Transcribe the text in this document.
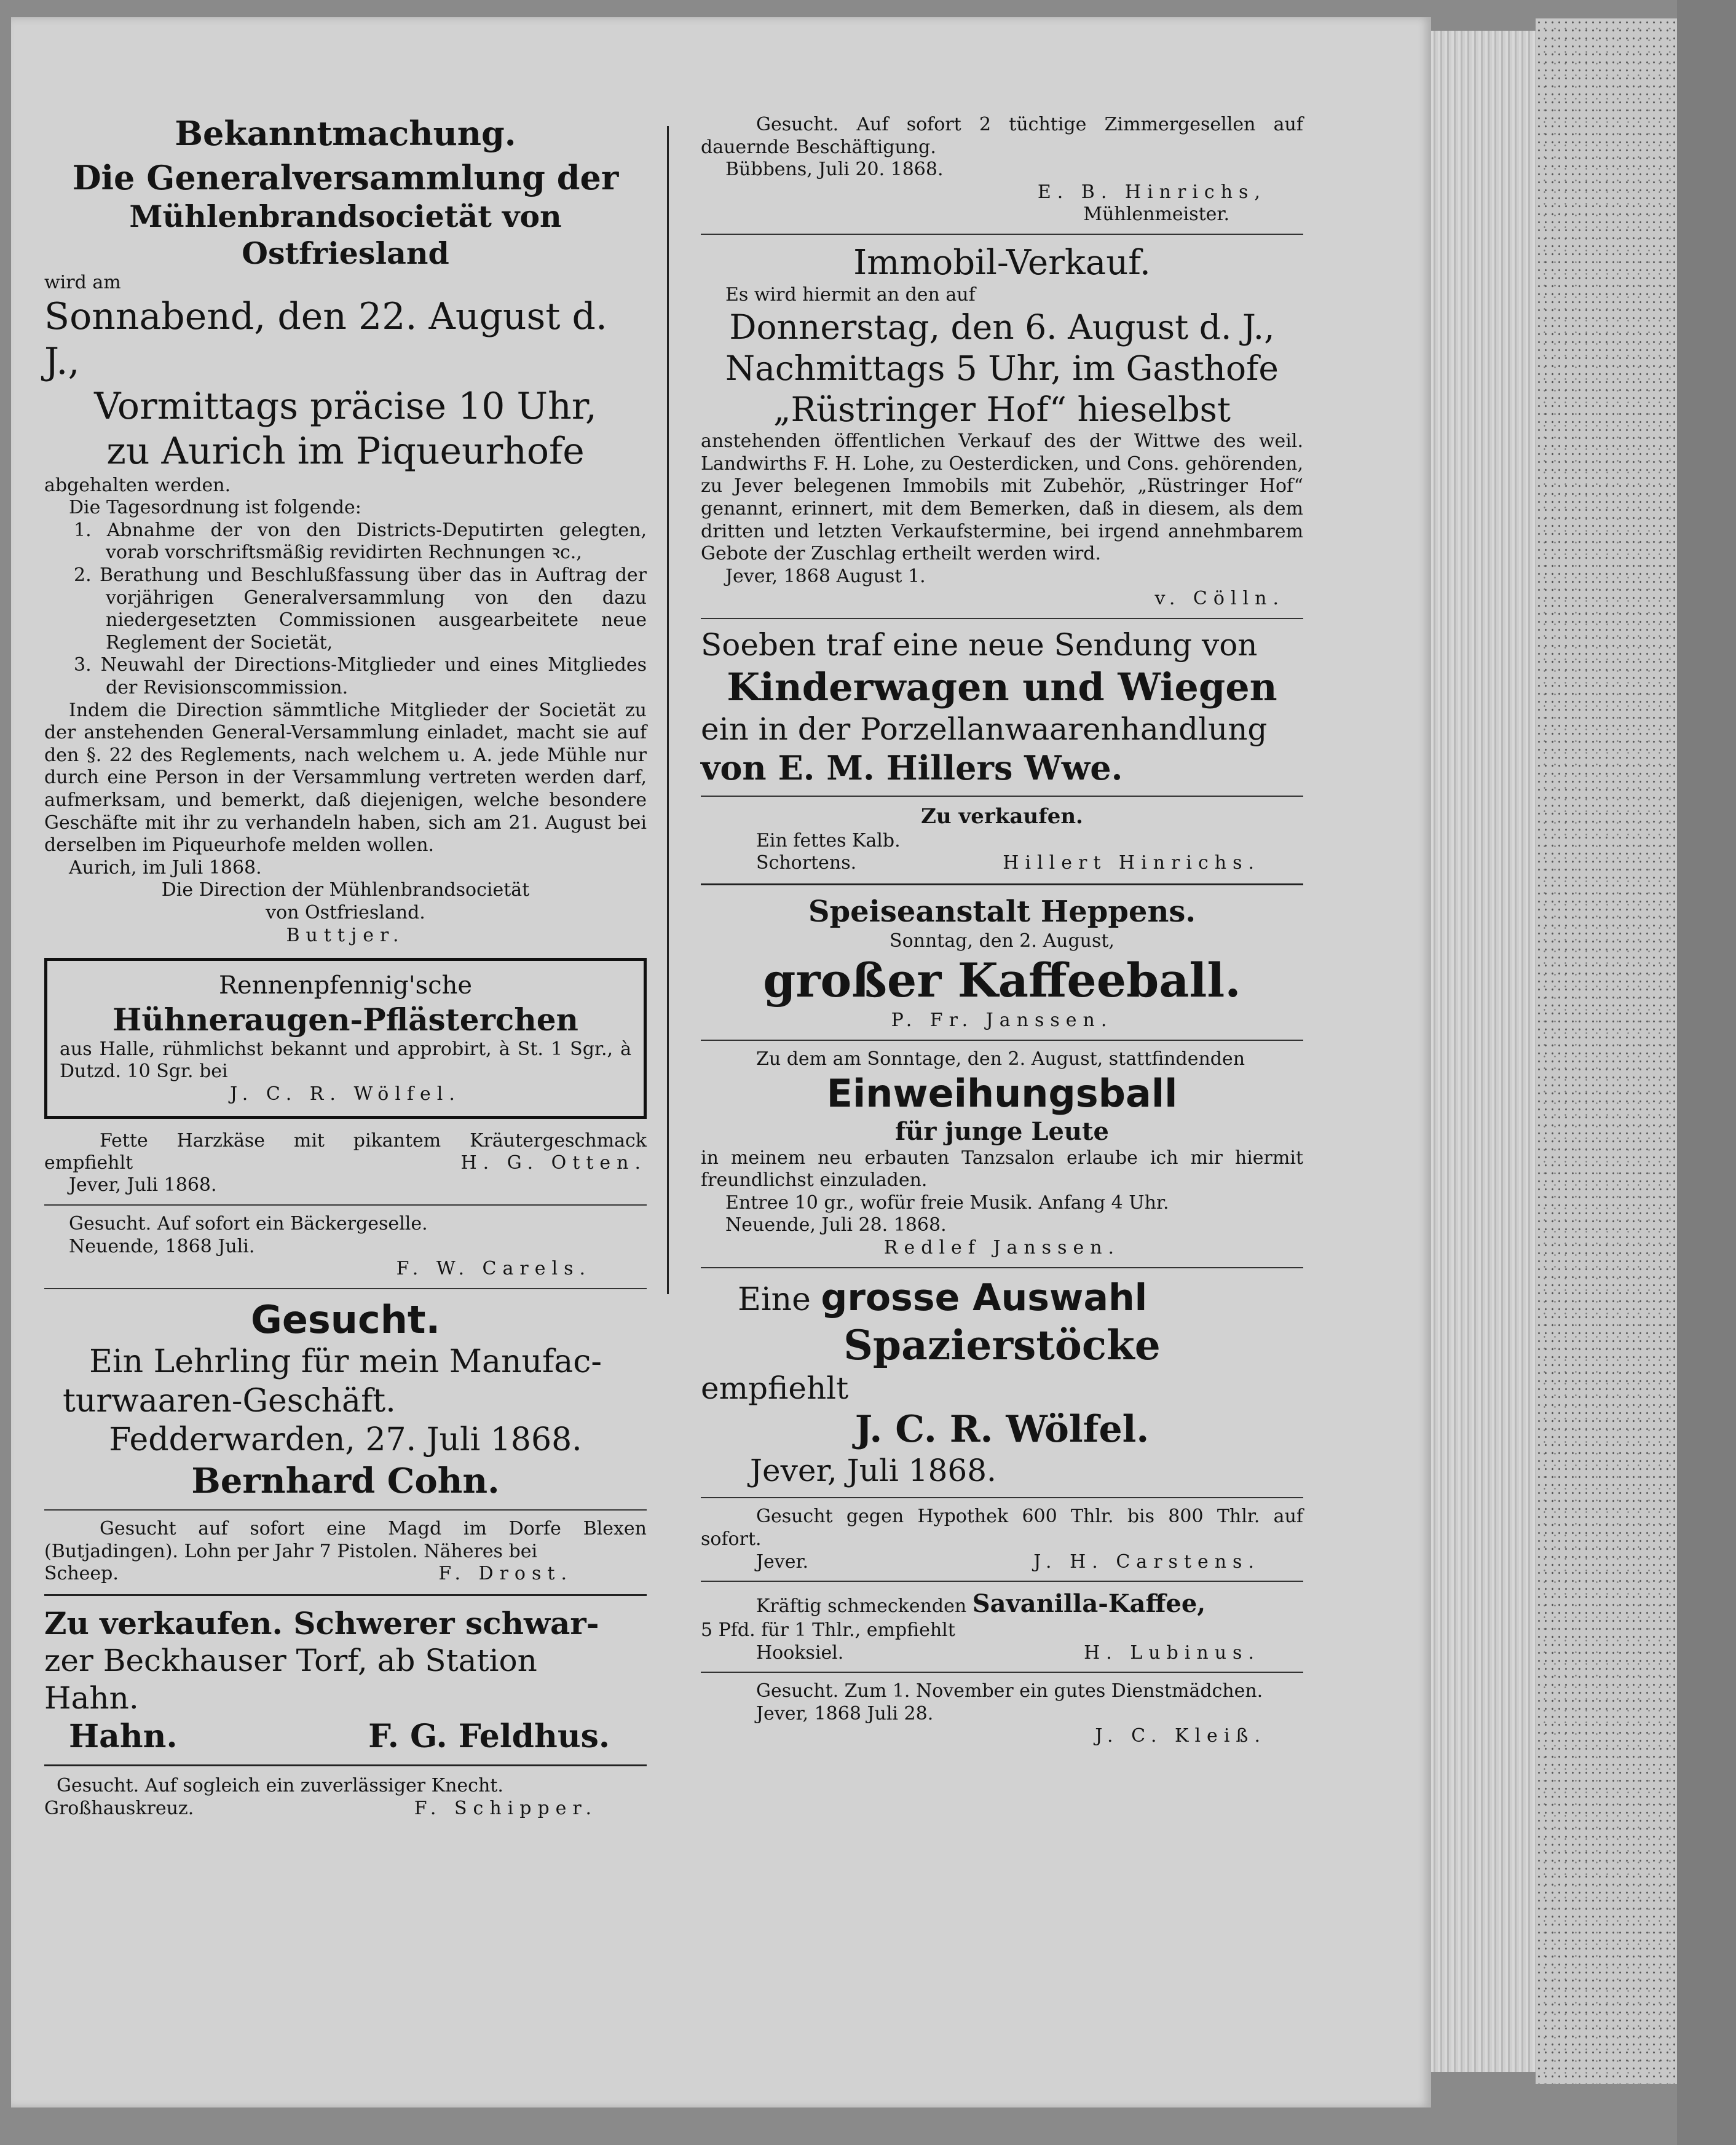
Bekanntmachung.

Die Generalversammlung der

Mühlenbrandsocietät von Ostfriesland

wird am

Sonnabend, den 22. August d. J.,

Vormittags präcise 10 Uhr,

zu Aurich im Piqueurhofe

abgehalten werden.

Die Tagesordnung ist folgende:

1. Abnahme der von den Districts-Deputirten gelegten, vorab vorschriftsmäßig revidirten Rechnungen ꝛc.,

2. Berathung und Beschlußfassung über das in Auftrag der vorjährigen Generalversammlung von den dazu niedergesetzten Commissionen ausgearbeitete neue Reglement der Societät,

3. Neuwahl der Directions-Mitglieder und eines Mitgliedes der Revisionscommission.

Indem die Direction sämmtliche Mitglieder der Societät zu der anstehenden General-Versammlung einladet, macht sie auf den §. 22 des Reglements, nach welchem u. A. jede Mühle nur durch eine Person in der Versammlung vertreten werden darf, aufmerksam, und bemerkt, daß diejenigen, welche besondere Geschäfte mit ihr zu verhandeln haben, sich am 21. August bei derselben im Piqueurhofe melden wollen.

Aurich, im Juli 1868.

Die Direction der Mühlenbrandsocietät

von Ostfriesland.

Buttjer.

Rennenpfennig'sche

Hühneraugen-Pflästerchen

aus Halle, rühmlichst bekannt und approbirt, à St. 1 Sgr., à Dutzd. 10 Sgr. bei

J. C. R. Wölfel.

Fette Harzkäse mit pikantem Kräutergeschmack empfiehlt	H. G. Otten.

Jever, Juli 1868.

Gesucht. Auf sofort ein Bäckergeselle.

Neuende, 1868 Juli.

F. W. Carels.

Gesucht.

Ein Lehrling für mein Manufac-

turwaaren-Geschäft.

Fedderwarden, 27. Juli 1868.

Bernhard Cohn.

Gesucht auf sofort eine Magd im Dorfe Blexen (Butjadingen). Lohn per Jahr 7 Pistolen. Näheres bei

Scheep.	F. Drost.

Zu verkaufen. Schwerer schwar-

zer Beckhauser Torf, ab Station

Hahn.

Hahn.	F. G. Feldhus.

Gesucht. Auf sogleich ein zuverlässiger Knecht.

Großhauskreuz.	F. Schipper.

Gesucht. Auf sofort 2 tüchtige Zimmergesellen auf dauernde Beschäftigung.

Bübbens, Juli 20. 1868.

E. B. Hinrichs,

Mühlenmeister.

Immobil-Verkauf.

Es wird hiermit an den auf

Donnerstag, den 6. August d. J.,

Nachmittags 5 Uhr, im Gasthofe

„Rüstringer Hof“ hieselbst

anstehenden öffentlichen Verkauf des der Wittwe des weil. Landwirths F. H. Lohe, zu Oesterdicken, und Cons. gehörenden, zu Jever belegenen Immobils mit Zubehör, „Rüstringer Hof“ genannt, erinnert, mit dem Bemerken, daß in diesem, als dem dritten und letzten Verkaufstermine, bei irgend annehmbarem Gebote der Zuschlag ertheilt werden wird.

Jever, 1868 August 1.

v. Cölln.

Soeben traf eine neue Sendung von

Kinderwagen und Wiegen

ein in der Porzellanwaarenhandlung

von E. M. Hillers Wwe.

Zu verkaufen.

Ein fettes Kalb.

Schortens.	Hillert Hinrichs.

Speiseanstalt Heppens.

Sonntag, den 2. August,

großer Kaffeeball.

P. Fr. Janssen.

Zu dem am Sonntage, den 2. August, stattfindenden

Einweihungsball

für junge Leute

in meinem neu erbauten Tanzsalon erlaube ich mir hiermit freundlichst einzuladen.

Entree 10 gr., wofür freie Musik. Anfang 4 Uhr.

Neuende, Juli 28. 1868.

Redlef Janssen.

Eine grosse Auswahl

Spazierstöcke

empfiehlt

J. C. R. Wölfel.

Jever, Juli 1868.

Gesucht gegen Hypothek 600 Thlr. bis 800 Thlr. auf sofort.

Jever.	J. H. Carstens.

Kräftig schmeckenden Savanilla-Kaffee,

5 Pfd. für 1 Thlr., empfiehlt

Hooksiel.	H. Lubinus.

Gesucht. Zum 1. November ein gutes Dienstmädchen.

Jever, 1868 Juli 28.

J. C. Kleiß.
